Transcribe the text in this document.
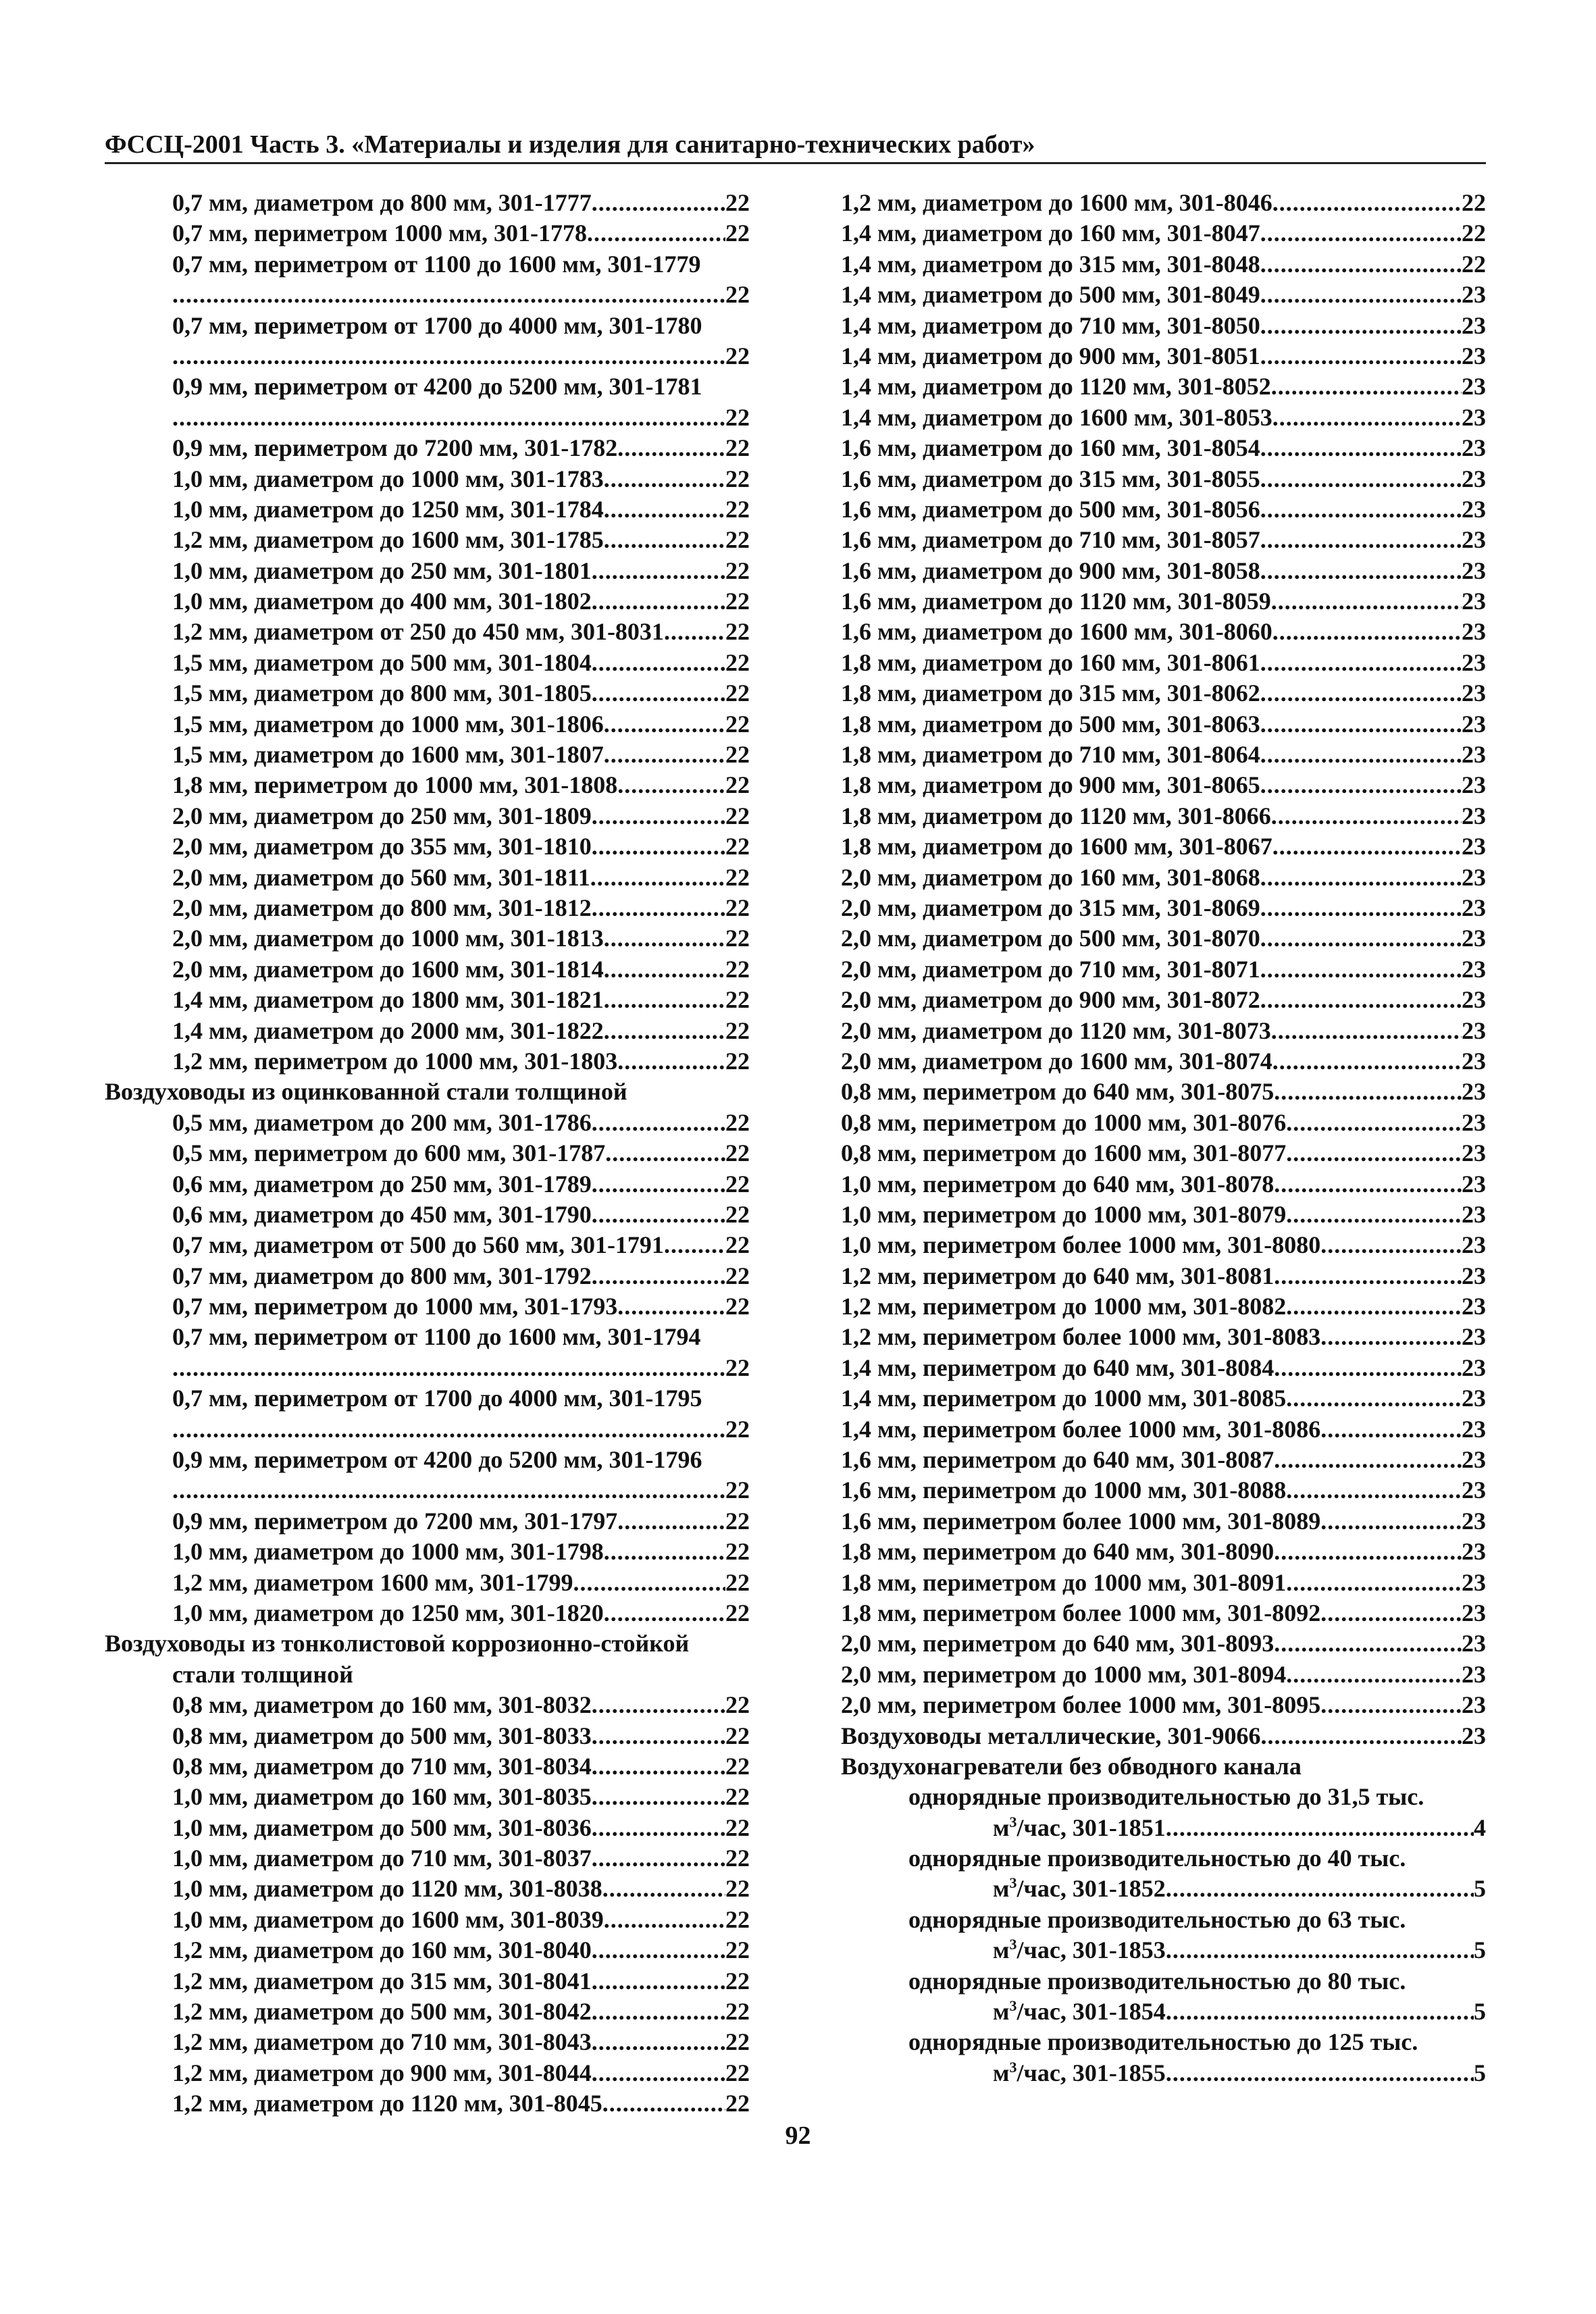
ФССЦ-2001 Часть 3. «Материалы и изделия для санитарно-технических работ»
0,7 мм, диаметром до 800 мм, 301-1777 .....	22
0,7 мм, периметром 1000 мм, 301-1778 .....	22
0,7 мм, периметром от 1100 до 1600 мм, 301-1779
.....
22
0,7 мм, периметром от 1700 до 4000 мм, 301-1780
.....
22
0,9 мм, периметром от 4200 до 5200 мм, 301-1781
.....
22
0,9 мм, периметром до 7200 мм, 301-1782 .....	22
1,0 мм, диаметром до 1000 мм, 301-1783 .....	22
1,0 мм, диаметром до 1250 мм, 301-1784 .....	22
1,2 мм, диаметром до 1600 мм, 301-1785 .....	22
1,0 мм, диаметром до 250 мм, 301-1801 .....	22
1,0 мм, диаметром до 400 мм, 301-1802 .....	22
1,2 мм, диаметром от 250 до 450 мм, 301-8031 .....	22
1,5 мм, диаметром до 500 мм, 301-1804 .....	22
1,5 мм, диаметром до 800 мм, 301-1805 .....	22
1,5 мм, диаметром до 1000 мм, 301-1806 .....	22
1,5 мм, диаметром до 1600 мм, 301-1807 .....	22
1,8 мм, периметром до 1000 мм, 301-1808 .....	22
2,0 мм, диаметром до 250 мм, 301-1809 .....	22
2,0 мм, диаметром до 355 мм, 301-1810 .....	22
2,0 мм, диаметром до 560 мм, 301-1811 .....	22
2,0 мм, диаметром до 800 мм, 301-1812 .....	22
2,0 мм, диаметром до 1000 мм, 301-1813 .....	22
2,0 мм, диаметром до 1600 мм, 301-1814 .....	22
1,4 мм, диаметром до 1800 мм, 301-1821 .....	22
1,4 мм, диаметром до 2000 мм, 301-1822 .....	22
1,2 мм, периметром до 1000 мм, 301-1803 .....	22
Воздуховоды из оцинкованной стали толщиной
0,5 мм, диаметром до 200 мм, 301-1786 .....	22
0,5 мм, периметром до 600 мм, 301-1787 .....	22
0,6 мм, диаметром до 250 мм, 301-1789 .....	22
0,6 мм, диаметром до 450 мм, 301-1790 .....	22
0,7 мм, диаметром от 500 до 560 мм, 301-1791 .....	22
0,7 мм, диаметром до 800 мм, 301-1792 .....	22
0,7 мм, периметром до 1000 мм, 301-1793 .....	22
0,7 мм, периметром от 1100 до 1600 мм, 301-1794
.....
22
0,7 мм, периметром от 1700 до 4000 мм, 301-1795
.....
22
0,9 мм, периметром от 4200 до 5200 мм, 301-1796
.....
22
0,9 мм, периметром до 7200 мм, 301-1797 .....	22
1,0 мм, диаметром до 1000 мм, 301-1798 .....	22
1,2 мм, диаметром 1600 мм, 301-1799 .....	22
1,0 мм, диаметром до 1250 мм, 301-1820 .....	22
Воздуховоды из тонколистовой коррозионно-стойкой
стали толщиной
0,8 мм, диаметром до 160 мм, 301-8032 .....	22
0,8 мм, диаметром до 500 мм, 301-8033 .....	22
0,8 мм, диаметром до 710 мм, 301-8034 .....	22
1,0 мм, диаметром до 160 мм, 301-8035 .....	22
1,0 мм, диаметром до 500 мм, 301-8036 .....	22
1,0 мм, диаметром до 710 мм, 301-8037 .....	22
1,0 мм, диаметром до 1120 мм, 301-8038 .....	22
1,0 мм, диаметром до 1600 мм, 301-8039 .....	22
1,2 мм, диаметром до 160 мм, 301-8040 .....	22
1,2 мм, диаметром до 315 мм, 301-8041 .....	22
1,2 мм, диаметром до 500 мм, 301-8042 .....	22
1,2 мм, диаметром до 710 мм, 301-8043 .....	22
1,2 мм, диаметром до 900 мм, 301-8044 .....	22
1,2 мм, диаметром до 1120 мм, 301-8045 .....	22
1,2 мм, диаметром до 1600 мм, 301-8046 .....	22
1,4 мм, диаметром до 160 мм, 301-8047 .....	22
1,4 мм, диаметром до 315 мм, 301-8048 .....	22
1,4 мм, диаметром до 500 мм, 301-8049 .....	23
1,4 мм, диаметром до 710 мм, 301-8050 .....	23
1,4 мм, диаметром до 900 мм, 301-8051 .....	23
1,4 мм, диаметром до 1120 мм, 301-8052 .....	23
1,4 мм, диаметром до 1600 мм, 301-8053 .....	23
1,6 мм, диаметром до 160 мм, 301-8054 .....	23
1,6 мм, диаметром до 315 мм, 301-8055 .....	23
1,6 мм, диаметром до 500 мм, 301-8056 .....	23
1,6 мм, диаметром до 710 мм, 301-8057 .....	23
1,6 мм, диаметром до 900 мм, 301-8058 .....	23
1,6 мм, диаметром до 1120 мм, 301-8059 .....	23
1,6 мм, диаметром до 1600 мм, 301-8060 .....	23
1,8 мм, диаметром до 160 мм, 301-8061 .....	23
1,8 мм, диаметром до 315 мм, 301-8062 .....	23
1,8 мм, диаметром до 500 мм, 301-8063 .....	23
1,8 мм, диаметром до 710 мм, 301-8064 .....	23
1,8 мм, диаметром до 900 мм, 301-8065 .....	23
1,8 мм, диаметром до 1120 мм, 301-8066 .....	23
1,8 мм, диаметром до 1600 мм, 301-8067 .....	23
2,0 мм, диаметром до 160 мм, 301-8068 .....	23
2,0 мм, диаметром до 315 мм, 301-8069 .....	23
2,0 мм, диаметром до 500 мм, 301-8070 .....	23
2,0 мм, диаметром до 710 мм, 301-8071 .....	23
2,0 мм, диаметром до 900 мм, 301-8072 .....	23
2,0 мм, диаметром до 1120 мм, 301-8073 .....	23
2,0 мм, диаметром до 1600 мм, 301-8074 .....	23
0,8 мм, периметром до 640 мм, 301-8075 .....	23
0,8 мм, периметром до 1000 мм, 301-8076 .....	23
0,8 мм, периметром до 1600 мм, 301-8077 .....	23
1,0 мм, периметром до 640 мм, 301-8078 .....	23
1,0 мм, периметром до 1000 мм, 301-8079 .....	23
1,0 мм, периметром более 1000 мм, 301-8080 .....	23
1,2 мм, периметром до 640 мм, 301-8081 .....	23
1,2 мм, периметром до 1000 мм, 301-8082 .....	23
1,2 мм, периметром более 1000 мм, 301-8083 .....	23
1,4 мм, периметром до 640 мм, 301-8084 .....	23
1,4 мм, периметром до 1000 мм, 301-8085 .....	23
1,4 мм, периметром более 1000 мм, 301-8086 .....	23
1,6 мм, периметром до 640 мм, 301-8087 .....	23
1,6 мм, периметром до 1000 мм, 301-8088 .....	23
1,6 мм, периметром более 1000 мм, 301-8089 .....	23
1,8 мм, периметром до 640 мм, 301-8090 .....	23
1,8 мм, периметром до 1000 мм, 301-8091 .....	23
1,8 мм, периметром более 1000 мм, 301-8092 .....	23
2,0 мм, периметром до 640 мм, 301-8093 .....	23
2,0 мм, периметром до 1000 мм, 301-8094 .....	23
2,0 мм, периметром более 1000 мм, 301-8095 .....	23
Воздуховоды металлические, 301-9066 .....	23
Воздухонагреватели без обводного канала
однорядные производительностью до 31,5 тыс.
$м^3$/час, 301-1851 .....	4
однорядные производительностью до 40 тыс.
$м^3$/час, 301-1852 .....	5
однорядные производительностью до 63 тыс.
$м^3$/час, 301-1853 .....	5
однорядные производительностью до 80 тыс.
$м^3$/час, 301-1854 .....	5
однорядные производительностью до 125 тыс.
$м^3$/час, 301-1855 .....	5
92
